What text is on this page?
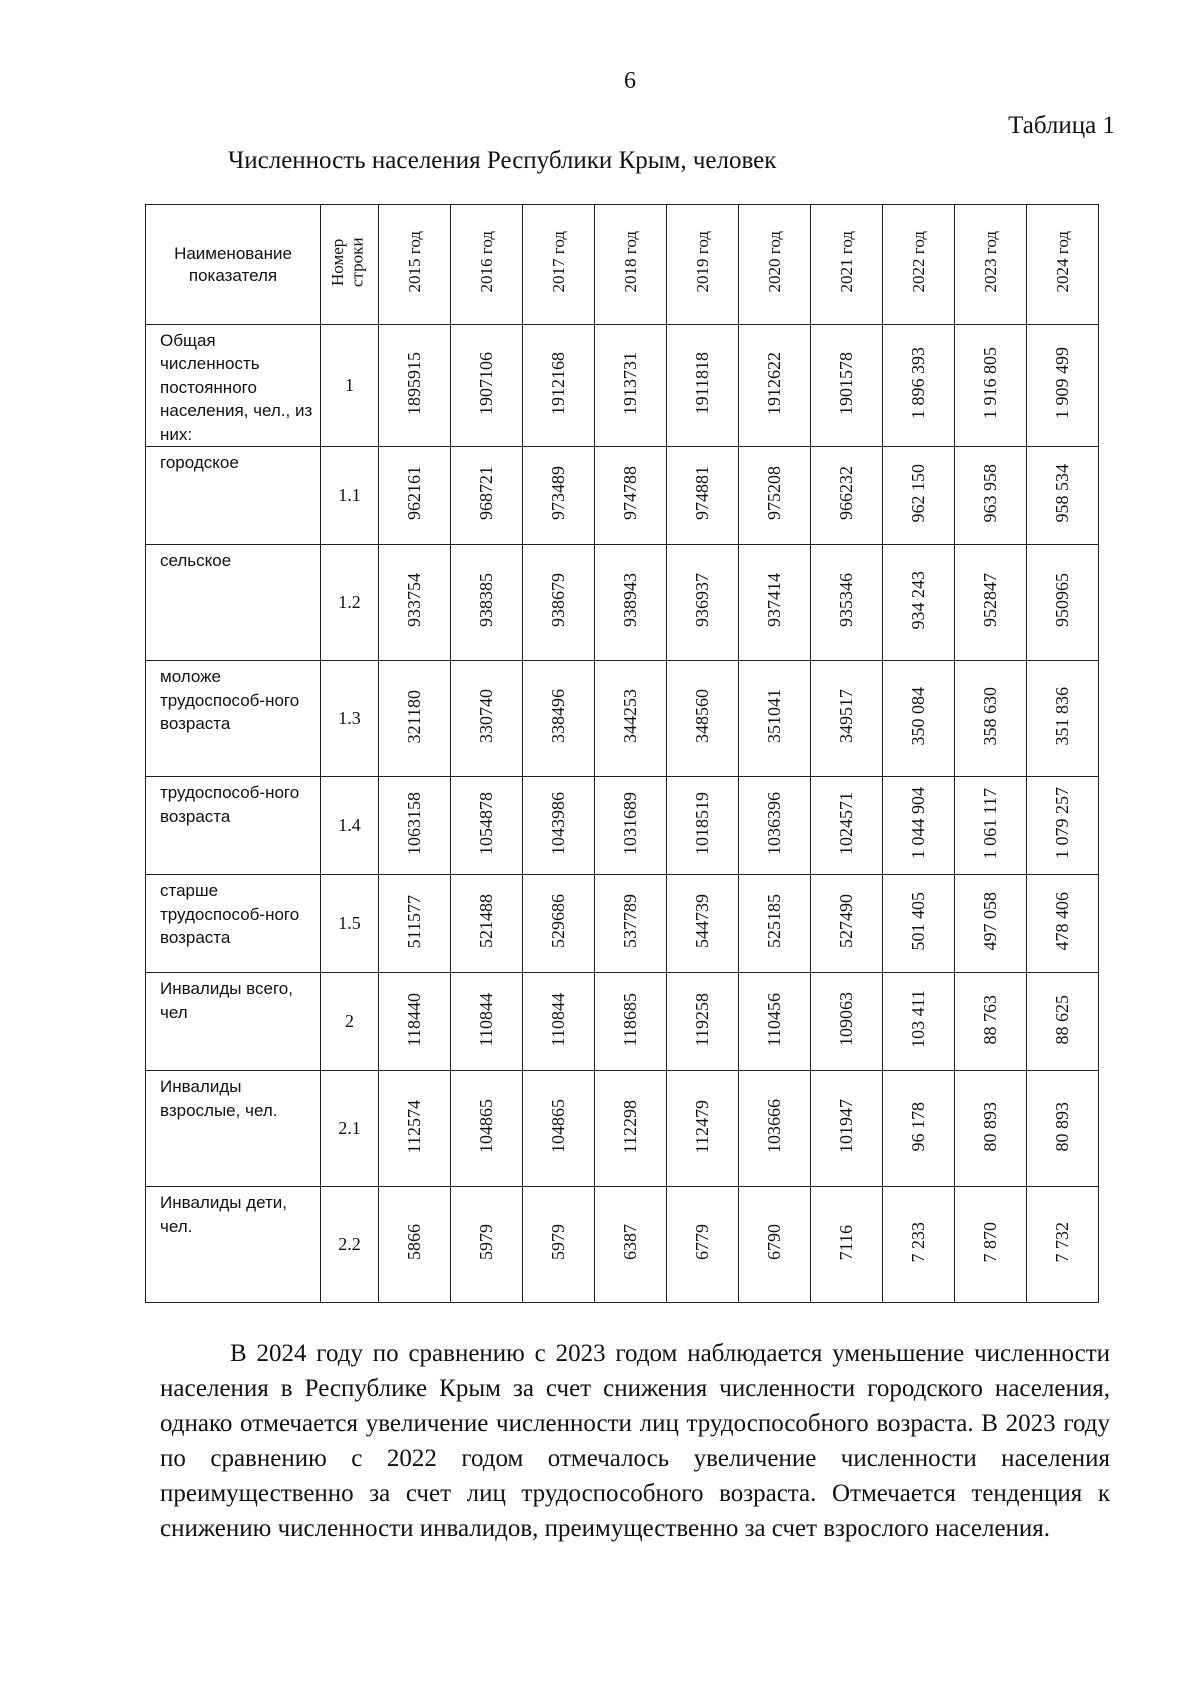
6
Таблица 1
Численность населения Республики Крым, человек
Наименование показателя	Номер строки	2015 год	2016 год	2017 год	2018 год	2019 год	2020 год	2021 год	2022 год	2023 год	2024 год
Общая численность постоянного населения, чел., из них:	1	1895915	1907106	1912168	1913731	1911818	1912622	1901578	1 896 393	1 916 805	1 909 499
городское	1.1	962161	968721	973489	974788	974881	975208	966232	962 150	963 958	958 534
сельское	1.2	933754	938385	938679	938943	936937	937414	935346	934 243	952847	950965
моложе трудоспособ-ного возраста	1.3	321180	330740	338496	344253	348560	351041	349517	350 084	358 630	351 836
трудоспособ-ного возраста	1.4	1063158	1054878	1043986	1031689	1018519	1036396	1024571	1 044 904	1 061 117	1 079 257
старше трудоспособ-ного возраста	1.5	511577	521488	529686	537789	544739	525185	527490	501 405	497 058	478 406
Инвалиды всего, чел	2	118440	110844	110844	118685	119258	110456	109063	103 411	88 763	88 625
Инвалиды взрослые, чел.	2.1	112574	104865	104865	112298	112479	103666	101947	96 178	80 893	80 893
Инвалиды дети, чел.	2.2	5866	5979	5979	6387	6779	6790	7116	7 233	7 870	7 732

В 2024 году по сравнению с 2023 годом наблюдается уменьшение численности населения в Республике Крым за счет снижения численности городского населения, однако отмечается увеличение численности лиц трудоспособного возраста. В 2023 году по сравнению с 2022 годом отмечалось увеличение численности населения преимущественно за счет лиц трудоспособного возраста. Отмечается тенденция к снижению численности инвалидов, преимущественно за счет взрослого населения.
